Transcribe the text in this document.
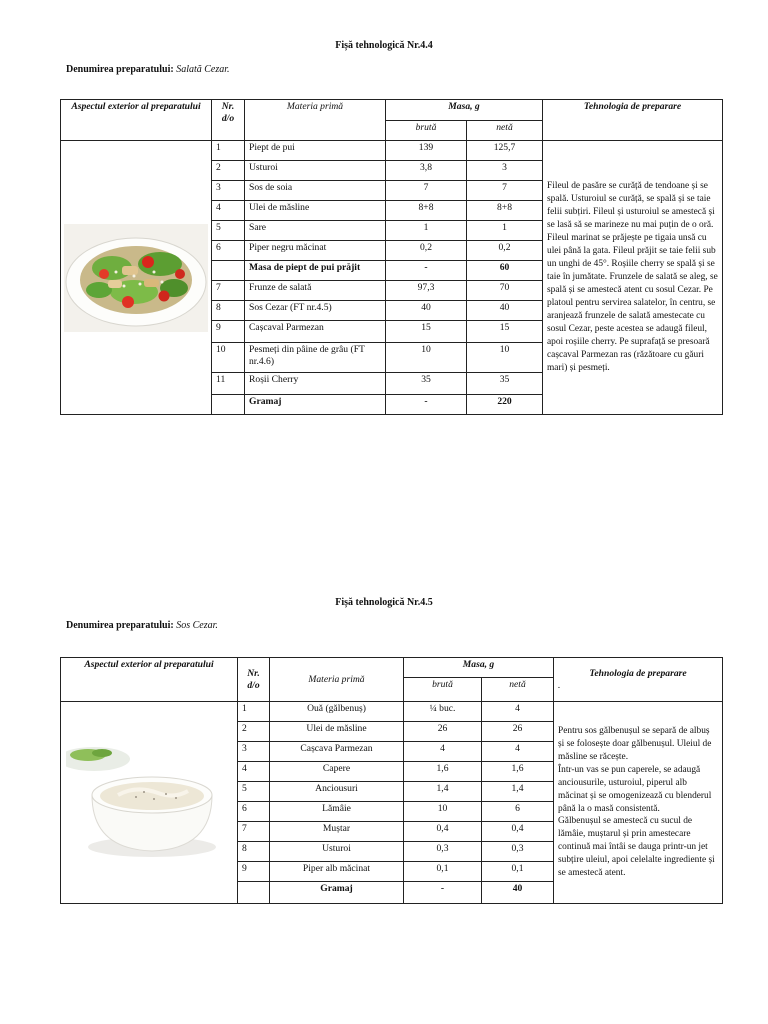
Fișă tehnologică Nr.4.4
Denumirea preparatului: Salată Cezar.
Aspectul exterior al preparatului	Nr. d/o	Materia primă	Masa, g		Tehnologia de preparare
			brută	netă	

	1	Piept de pui	139	125,7	Fileul de pasăre se curăță de tendoane și se spală. Usturoiul se curăță, se spală și se taie felii subțiri. Fileul și usturoiul se amestecă și se lasă să se marineze nu mai puțin de o oră. Fileul marinat se prăjește pe tigaia unsă cu ulei până la gata. Fileul prăjit se taie felii sub un unghi de 45°. Roșiile cherry se spală și se taie în jumătate. Frunzele de salată se aleg, se spală și se amestecă atent cu sosul Cezar. Pe platoul pentru servirea salatelor, în centru, se aranjează frunzele de salată amestecate cu sosul Cezar, peste acestea se adaugă fileul, apoi roșiile cherry. Pe suprafață se presoară cașcaval Parmezan ras (răzătoare cu găuri mari) și pesmeți.
	2	Usturoi	3,8	3	
	3	Sos de soia	7	7	
	4	Ulei de măsline	8+8	8+8	
	5	Sare	1	1	
	6	Piper negru măcinat	0,2	0,2	
		Masa de piept de pui prăjit	-	60	
	7	Frunze de salată	97,3	70	
	8	Sos Cezar (FT nr.4.5)	40	40	
	9	Cașcaval Parmezan	15	15	
	10	Pesmeți din pâine de grâu (FT nr.4.6)	10	10	
	11	Roșii Cherry	35	35	
		Gramaj	-	220	
Fișă tehnologică Nr.4.5
Denumirea preparatului: Sos Cezar.
Aspectul exterior al preparatului	Nr. d/o	Materia primă	Masa, g		Tehnologia de preparare

.

			brută	netă	

	1	Ouă (gălbenuș)	¼ buc.	4	Pentru sos gălbenușul se separă de albuș și se folosește doar gălbenușul. Uleiul de măsline se răcește.
Într-un vas se pun caperele, se adaugă anciousurile, usturoiul, piperul alb măcinat și se omogenizează cu blenderul până la o masă consistentă.
Gălbenușul se amestecă cu sucul de lămâie, muștarul și prin amestecare continuă mai întâi se dauga printr-un jet subțire uleiul, apoi celelalte ingrediente și se amestecă atent.

	2	Ulei de măsline	26	26	
	3	Cașcava Parmezan	4	4	
	4	Capere	1,6	1,6	
	5	Anciousuri	1,4	1,4	
	6	Lămâie	10	6	
	7	Muștar	0,4	0,4	
	8	Usturoi	0,3	0,3	
	9	Piper alb măcinat	0,1	0,1	
		Gramaj	-	40	
